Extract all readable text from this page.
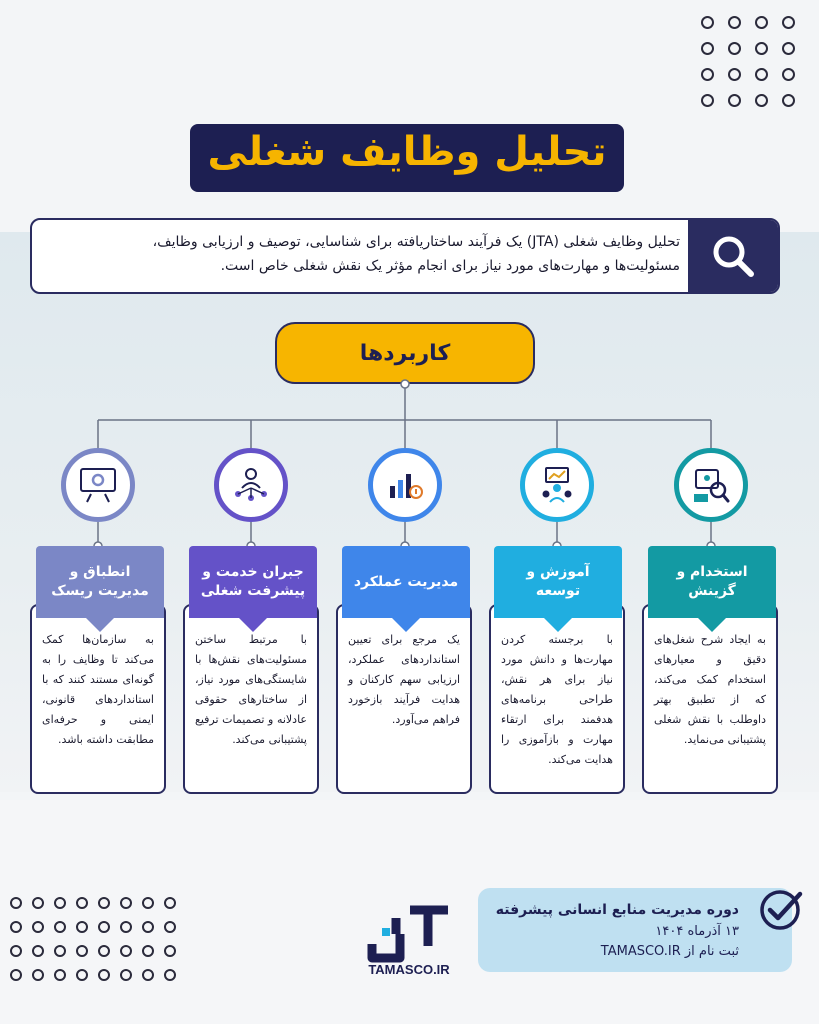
تحلیل وظایف شغلی
تحلیل وظایف شغلی (JTA) یک فرآیند ساختاریافته برای شناسایی، توصیف و ارزیابی وظایف،
مسئولیت‌ها و مهارت‌های مورد نیاز برای انجام مؤثر یک نقش شغلی خاص است.
کاربردها
انطباق و مدیریت ریسک
به سازمان‌ها کمک می‌کند تا وظایف را به گونه‌ای مستند کنند که با استانداردهای قانونی، ایمنی و حرفه‌ای مطابقت داشته باشد.
جبران خدمت و پیشرفت شغلی
با مرتبط ساختن مسئولیت‌های نقش‌ها با شایستگی‌های مورد نیاز، از ساختارهای حقوقی عادلانه و تصمیمات ترفیع پشتیبانی می‌کند.
مدیریت عملکرد
یک مرجع برای تعیین استانداردهای عملکرد، ارزیابی سهم کارکنان و هدایت فرآیند بازخورد فراهم می‌آورد.
آموزش و توسعه
با برجسته کردن مهارت‌ها و دانش مورد نیاز برای هر نقش، طراحی برنامه‌های هدفمند برای ارتقاء مهارت و بازآموزی را هدایت می‌کند.
استخدام و گزینش
به ایجاد شرح شغل‌های دقیق و معیارهای استخدام کمک می‌کند، که از تطبیق بهتر داوطلب با نقش شغلی پشتیبانی می‌نماید.
دوره مدیریت منابع انسانی پیشرفته
۱۳ آذرماه ۱۴۰۴
ثبت نام از TAMASCO.IR
TAMASCO.IR
